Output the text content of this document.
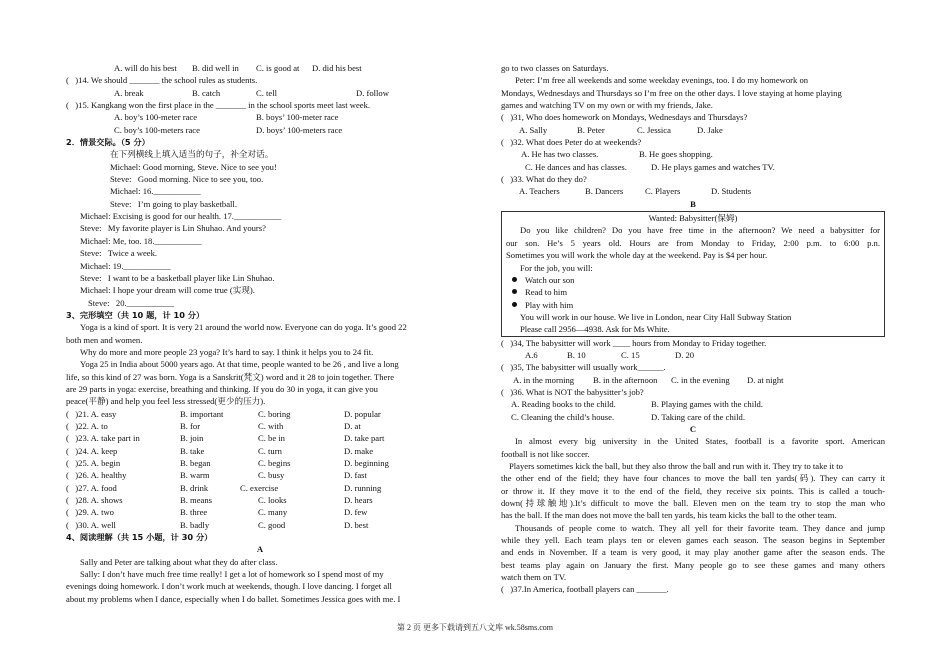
A. will do his best B. did well in C. is good at D. did his best
(   )14. We should _______ the school rules as students.
A. break	B. catch	C. tell	D. follow
(   )15. Kangkang won the first place in the _______ in the school sports meet last week.
A. boy’s 100-meter race	B. boys’ 100-meter race
C. boy’s 100-meters race	D. boys’ 100-meters race
2．情景交际。（5 分）
在下列横线上填入适当的句子，补全对话。
Michael: Good morning, Steve. Nice to see you!
Steve:   Good morning. Nice to see you, too.
Michael: 16.___________
Steve:   I’m going to play basketball.
Michael: Excising is good for our health. 17.___________
Steve:   My favorite player is Lin Shuhao. And yours?
Michael: Me, too. 18.___________
Steve:   Twice a week.
Michael: 19.___________
Steve:   I want to be a basketball player like Lin Shuhao.
Michael: I hope your dream will come true (实现).
Steve:   20.___________
3、完形填空（共 10 题，计 10 分）
Yoga is a kind of sport. It is very 21 around the world now. Everyone can do yoga. It’s good 22
both men and women.
Why do more and more people 23 yoga? It’s hard to say. I think it helps you to 24 fit.
Yoga 25 in India about 5000 years ago. At that time, people wanted to be 26 , and live a long
life, so this kind of 27 was born. Yoga is a Sanskrit(梵文) word and it 28 to join together. There
are 29 parts in yoga: exercise, breathing and thinking. If you do 30 in yoga, it can give you
peace(平静) and help you feel less stressed(更少的压力).
(   )21. A. easy	B. important	C. boring	D. popular
(   )22. A. to	B. for	C. with	D. at
(   )23. A. take part in	B. join	C. be in	D. take part
(   )24. A. keep	B. take	C. turn	D. make
(   )25. A. begin	B. began	C. begins	D. beginning
(   )26. A. healthy	B. warm	C. busy	D. fast
(   )27. A. food	B. drink	C. exercise	D. running
(   )28. A. shows	B. means	C. looks	D. hears
(   )29. A. two	B. three	C. many	D. few
(   )30. A. well	B. badly	C. good	D. best
4、阅读理解（共 15 小题，计 30 分）
A
Sally and Peter are talking about what they do after class.
Sally: I don’t have much free time really! I get a lot of homework so I spend most of my
evenings doing homework. I don’t work much at weekends, though. I love dancing. I forget all
about my problems when I dance, especially when I do ballet. Sometimes Jessica goes with me. I
go to two classes on Saturdays.
Peter: I’m free all weekends and some weekday evenings, too. I do my homework on
Mondays, Wednesdays and Thursdays so I’m free on the other days. I love staying at home playing
games and watching TV on my own or with my friends, Jake.
(   )31, Who does homework on Mondays, Wednesdays and Thursdays?
A. Sally	B. Peter	C. Jessica	D. Jake
(   )32. What does Peter do at weekends?
A. He has two classes.	B. He goes shopping.
C. He dances and has classes.	D. He plays games and watches TV.
(   )33. What do they do?
A. Teachers	B. Dancers	C. Players	D. Students
B
Wanted: Babysitter(保姆)
Do you like children? Do you have free time in the afternoon? We need a babysitter for
our son. He’s 5 years old. Hours are from Monday to Friday, 2:00 p.m. to 6:00 p.n.
Sometimes you will work the whole day at the weekend. Pay is $4 per hour.
For the job, you will:
Watch our son
Read to him
Play with him
You will work in our house. We live in London, near City Hall Subway Station
Please call 2956—4938. Ask for Ms White.
(   )34, The babysitter will work ____ hours from Monday to Friday together.
A.6	B. 10	C. 15	D. 20
(   )35, The babysitter will usually work______.
A. in the morning B. in the afternoon C. in the evening D. at night
(   )36. What is NOT the babysitter’s job?
A. Reading books to the child.	B. Playing games with the child.
C. Cleaning the child’s house.	D. Taking care of the child.
C
In almost every big university in the United States, football is a favorite sport. American
football is not like soccer.
Players sometimes kick the ball, but they also throw the ball and run with it. They try to take it to
the other end of the field; they have four chances to move the ball ten yards(码). They can carry it
or throw it. If they move it to the end of the field, they receive six points. This is called a touch-
down(持球触地).It’s difficult to move the ball. Eleven men on the team try to stop the man who
has the ball. If the man does not move the ball ten yards, his team kicks the ball to the other team.
Thousands of people come to watch. They all yell for their favorite team. They dance and jump
while they yell. Each team plays ten or eleven games each season. The season begins in September
and ends in November. If a team is very good, it may play another game after the season ends. The
best teams play again on January the first. Many people go to see these games and many others
watch them on TV.
(   )37.In America, football players can _______.
第 2 页 更多下载请到五八文库 wk.58sms.com
